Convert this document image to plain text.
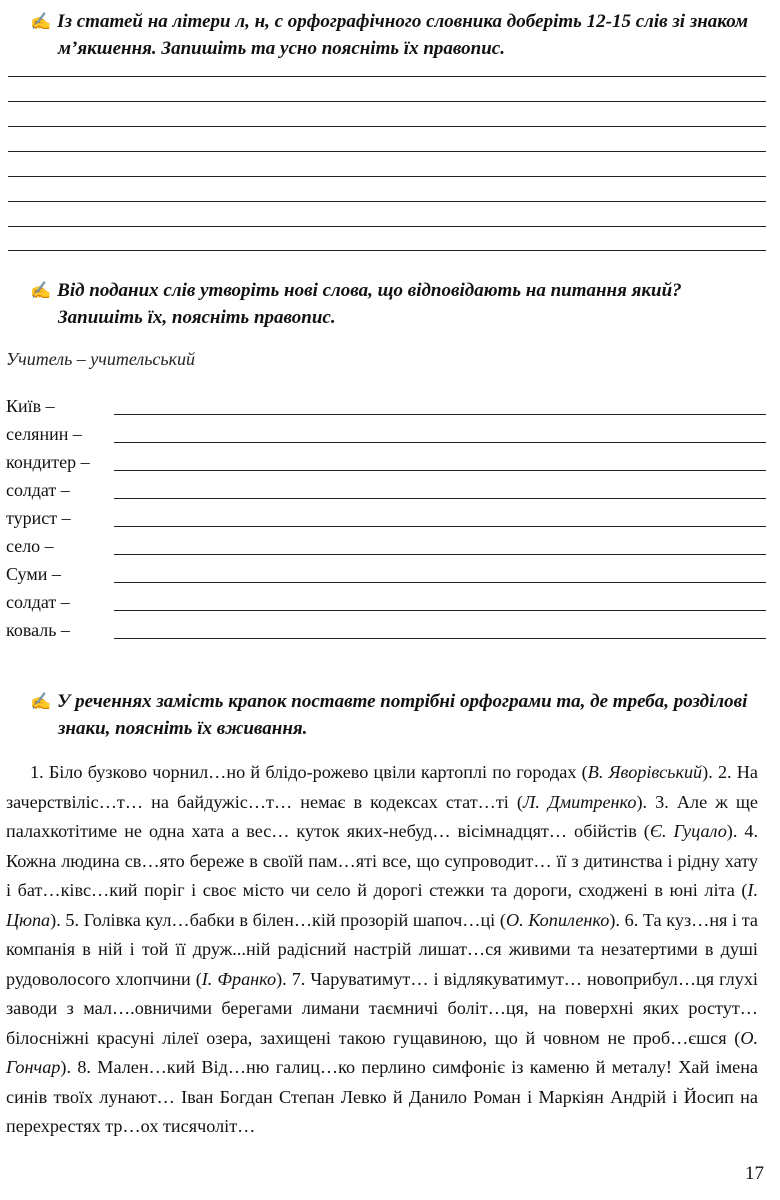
✍ Із статей на літери л, н, с орфографічного словника доберіть 12-15 слів зі знаком м’якшення. Запишіть та усно поясніть їх правопис.
✍ Від поданих слів утворіть нові слова, що відповідають на питання який? Запишіть їх, поясніть правопис.
Учитель – учительський
Київ –
селянин –
кондитер –
солдат –
турист –
село –
Суми –
солдат –
коваль –
✍ У реченнях замість крапок поставте потрібні орфограми та, де треба, розділові знаки, поясніть їх вживання.
1. Біло бузково чорнил…но й блідо-рожево цвіли картоплі по городах (В. Яворівський). 2. На зачерствіліс…т… на байдужіс…т… немає в кодексах стат…ті (Л. Дмитренко). 3. Але ж ще палахкотітиме не одна хата а вес… куток яких-небуд… вісімнадцят… обійстів (Є. Гуцало). 4. Кожна людина св…ято береже в своїй пам…яті все, що супроводит… її з дитинства і рідну хату і бат…ківс…кий поріг і своє місто чи село й дорогі стежки та дороги, сходжені в юні літа (І. Цюпа). 5. Голівка кул…бабки в білен…кій прозорій шапоч…ці (О. Копиленко). 6. Та куз…ня і та компанія в ній і той її друж...ній радісний настрій лишат…ся живими та незатертими в душі рудоволосого хлопчини (І. Франко). 7. Чаруватимут… і відлякуватимут… новоприбул…ця глухі заводи з мал….овничими берегами лимани таємничі боліт…ця, на поверхні яких ростут… білосніжні красуні лілеї озера, захищені такою гущавиною, що й човном не проб…єшся (О. Гончар). 8. Мален…кий Від…ню галиц…ко перлино симфоніє із каменю й металу! Хай імена синів твоїх лунают… Іван Богдан Степан Левко й Данило Роман і Маркіян Андрій і Йосип на перехрестях тр…ох тисячоліт…
17
